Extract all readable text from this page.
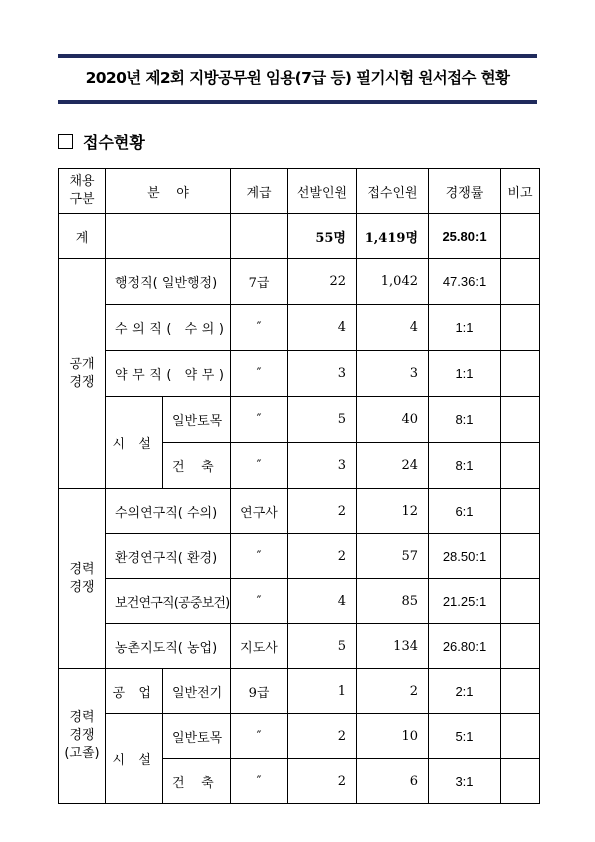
2020년 제2회 지방공무원 임용(7급 등) 필기시험 원서접수 현황
접수현황
채용
구분	분    야		계급	선발인원	접수인원	경쟁률	비고
계				55명	1,419명	25.80:1	
공개
경쟁	행정직( 일반행정)		7급	22	1,042	47.36:1	
	수의직( 수의)		″	4	4	1:1	
	약무직( 약무)		″	3	3	1:1	
	시 설	일반토목	″	5	40	8:1	
		건    축	″	3	24	8:1	
경력
경쟁	수의연구직( 수의)		연구사	2	12	6:1	
	환경연구직( 환경)		″	2	57	28.50:1	
	보건연구직(공중보건)		″	4	85	21.25:1	
	농촌지도직( 농업)		지도사	5	134	26.80:1	
경력
경쟁
(고졸)	공 업	일반전기	9급	1	2	2:1	
	시 설	일반토목	″	2	10	5:1	
		건    축	″	2	6	3:1	
